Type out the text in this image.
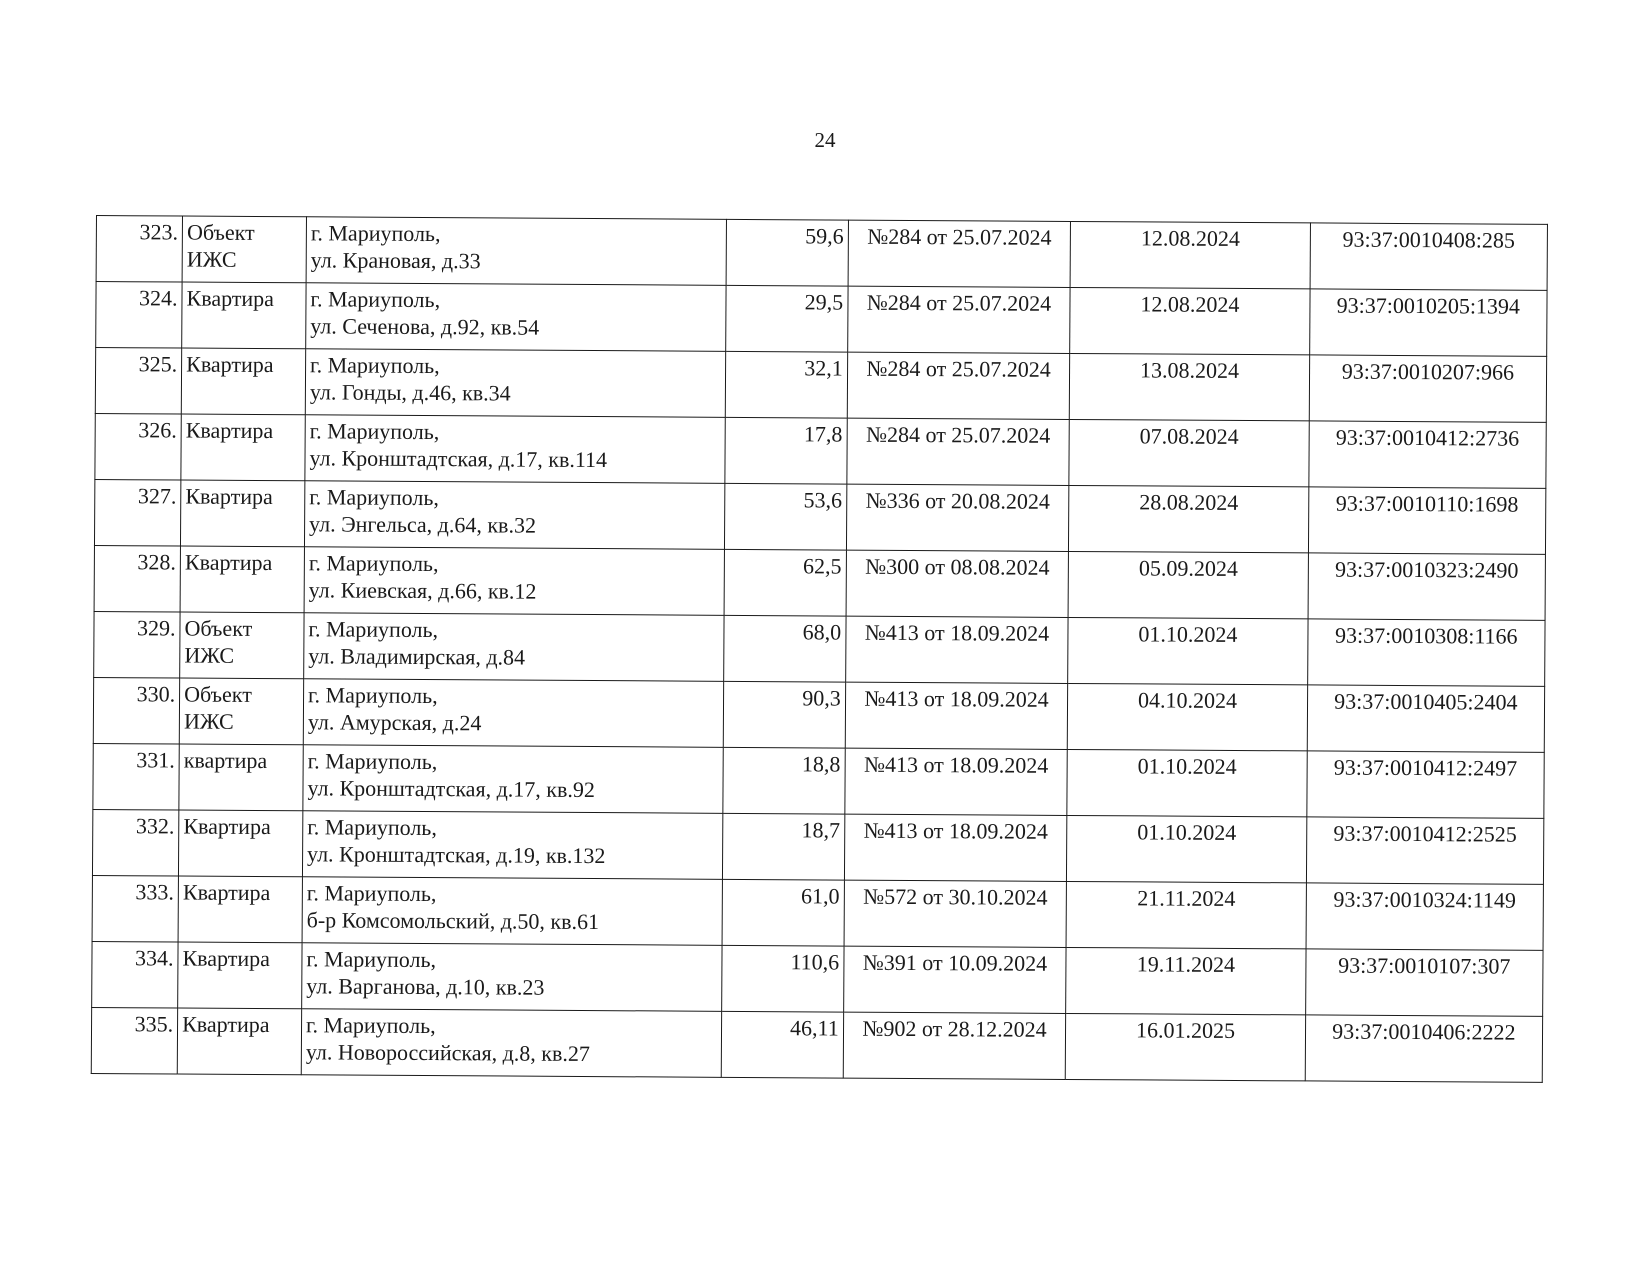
24
323.	Объект
ИЖС	г. Мариуполь,
ул. Крановая, д.33	59,6	№284 от 25.07.2024	12.08.2024	93:37:0010408:285
324.	Квартира	г. Мариуполь,
ул. Сеченова, д.92, кв.54	29,5	№284 от 25.07.2024	12.08.2024	93:37:0010205:1394
325.	Квартира	г. Мариуполь,
ул. Гонды, д.46, кв.34	32,1	№284 от 25.07.2024	13.08.2024	93:37:0010207:966
326.	Квартира	г. Мариуполь,
ул. Кронштадтская, д.17, кв.114	17,8	№284 от 25.07.2024	07.08.2024	93:37:0010412:2736
327.	Квартира	г. Мариуполь,
ул. Энгельса, д.64, кв.32	53,6	№336 от 20.08.2024	28.08.2024	93:37:0010110:1698
328.	Квартира	г. Мариуполь,
ул. Киевская, д.66, кв.12	62,5	№300 от 08.08.2024	05.09.2024	93:37:0010323:2490
329.	Объект
ИЖС	г. Мариуполь,
ул. Владимирская, д.84	68,0	№413 от 18.09.2024	01.10.2024	93:37:0010308:1166
330.	Объект
ИЖС	г. Мариуполь,
ул. Амурская, д.24	90,3	№413 от 18.09.2024	04.10.2024	93:37:0010405:2404
331.	квартира	г. Мариуполь,
ул. Кронштадтская, д.17, кв.92	18,8	№413 от 18.09.2024	01.10.2024	93:37:0010412:2497
332.	Квартира	г. Мариуполь,
ул. Кронштадтская, д.19, кв.132	18,7	№413 от 18.09.2024	01.10.2024	93:37:0010412:2525
333.	Квартира	г. Мариуполь,
б-р Комсомольский, д.50, кв.61	61,0	№572 от 30.10.2024	21.11.2024	93:37:0010324:1149
334.	Квартира	г. Мариуполь,
ул. Варганова, д.10, кв.23	110,6	№391 от 10.09.2024	19.11.2024	93:37:0010107:307
335.	Квартира	г. Мариуполь,
ул. Новороссийская, д.8, кв.27	46,11	№902 от 28.12.2024	16.01.2025	93:37:0010406:2222
